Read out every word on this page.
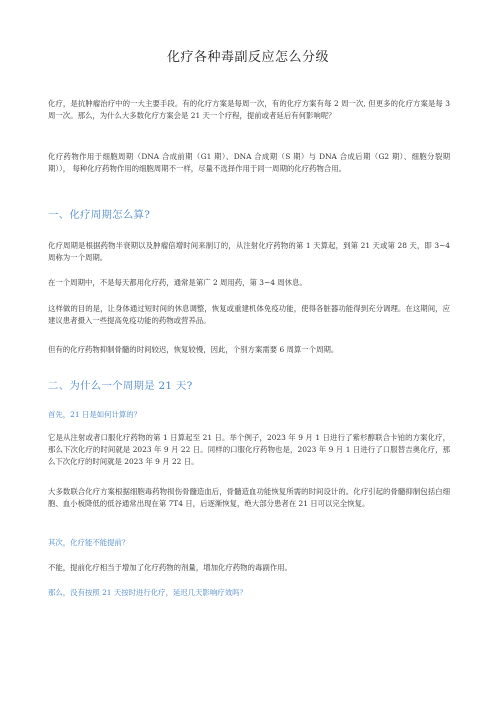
化疗各种毒副反应怎么分级

化疗，是抗肿瘤治疗中的一大主要手段。有的化疗方案是每周一次，有的化疗方案有每 2 周一次, 但更多的化疗方案是每 3 周一次。那么，为什么大多数化疗方案会是 21 天一个疗程，提前或者延后有何影响呢？

化疗药物作用于细胞周期（DNA 合成前期（G1 期）、DNA 合成期（S 期）与 DNA 合成后期（G2 期）、细胞分裂期期））， 每种化疗药物作用的细胞周期不一样，尽量不选择作用于同一周期的化疗药物合用。

一、化疗周期怎么算?

化疗周期是根据药物半衰期以及肿瘤倍增时间来制订的，从注射化疗药物的第 1 天算起，到第 21 天或第 28 天，即 3~4 周称为一个周期。

在一个周期中，不是每天都用化疗药，通常是第广 2 周用药，第 3~4 周休息。

这样做的目的是，让身体通过短时间的休息调整，恢复或重建机体免疫功能，使得各脏器功能得到充分调理。在这期间，应建议患者摄入一些提高免疫功能的药物或营养品。

但有的化疗药物抑制骨髓的时间较迟，恢复较慢，因此，个别方案需要 6 周算一个周期。

二、为什么一个周期是 21 天?

首先，21 日是如何计算的？

它是从注射或者口服化疗药物的第 1 日算起至 21 日。举个例子，2023 年 9 月 1 日进行了紫杉醇联合卡铂的方案化疗，那么下次化疗的时间就是 2023 年 9 月 22 日。同样的口服化疗药物也是，2023 年 9 月 1 日进行了口服替吉奥化疗，那么下次化疗的时间就是 2023 年 9 月 22 日。

大多数联合化疗方案根据细胞毒药物损伤骨髓造血后，骨髓造血功能恢复所需的时间设计的。化疗引起的骨髓抑制包括白细胞、血小板降低的低谷通常出现在第 7T4 日，后逐渐恢复，绝大部分患者在 21 日可以完全恢复。

其次，化疗能不能提前？

不能，提前化疗相当于增加了化疗药物的剂量，增加化疗药物的毒副作用。

那么，没有按照 21 天按时进行化疗，延迟几天影响疗效吗？
